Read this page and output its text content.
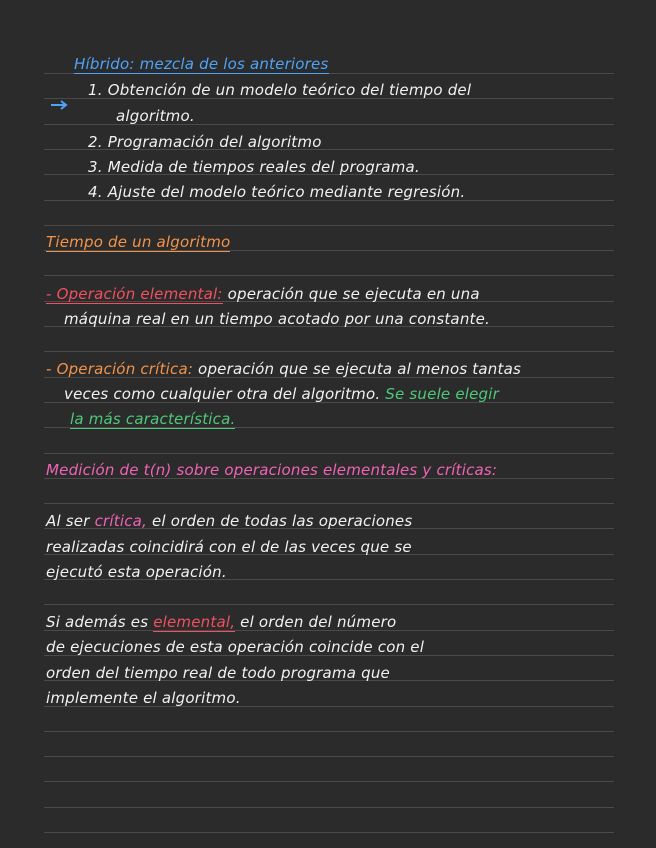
Híbrido: mezcla de los anteriores
1. Obtención de un modelo teórico del tiempo del
algoritmo.
2. Programación del algoritmo
3. Medida de tiempos reales del programa.
4. Ajuste del modelo teórico mediante regresión.
Tiempo de un algoritmo
- Operación elemental: operación que se ejecuta en una
máquina real en un tiempo acotado por una constante.
- Operación crítica: operación que se ejecuta al menos tantas
veces como cualquier otra del algoritmo. Se suele elegir
la más característica.
Medición de t(n) sobre operaciones elementales y críticas:
Al ser crítica, el orden de todas las operaciones
realizadas coincidirá con el de las veces que se
ejecutó esta operación.
Si además es elemental, el orden del número
de ejecuciones de esta operación coincide con el
orden del tiempo real de todo programa que
implemente el algoritmo.
